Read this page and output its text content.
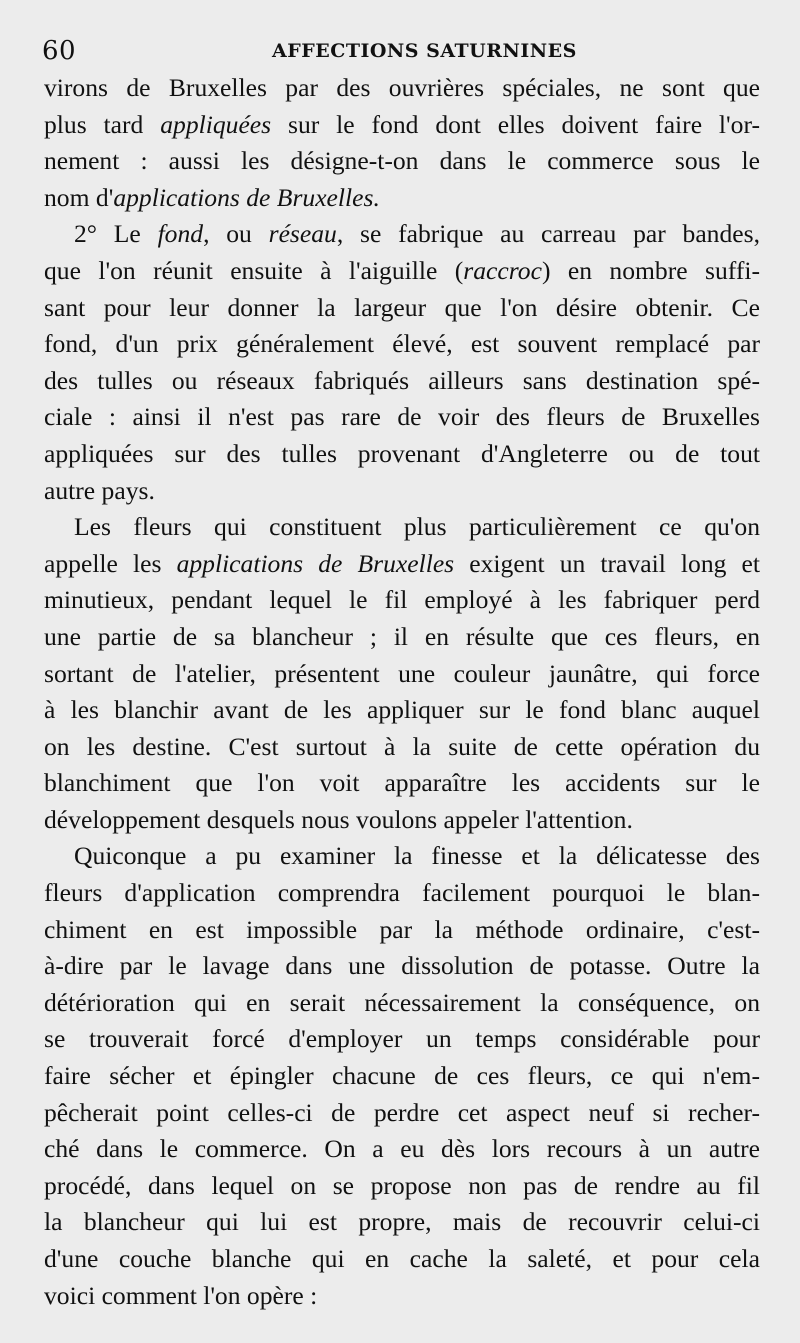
60	AFFECTIONS SATURNINES
virons de Bruxelles par des ouvrières spéciales, ne sont que
plus tard appliquées sur le fond dont elles doivent faire l'or-
nement : aussi les désigne-t-on dans le commerce sous le
nom d'applications de Bruxelles.
2° Le fond, ou réseau, se fabrique au carreau par bandes,
que l'on réunit ensuite à l'aiguille (raccroc) en nombre suffi-
sant pour leur donner la largeur que l'on désire obtenir. Ce
fond, d'un prix généralement élevé, est souvent remplacé par
des tulles ou réseaux fabriqués ailleurs sans destination spé-
ciale : ainsi il n'est pas rare de voir des fleurs de Bruxelles
appliquées sur des tulles provenant d'Angleterre ou de tout
autre pays.
Les fleurs qui constituent plus particulièrement ce qu'on
appelle les applications de Bruxelles exigent un travail long et
minutieux, pendant lequel le fil employé à les fabriquer perd
une partie de sa blancheur ; il en résulte que ces fleurs, en
sortant de l'atelier, présentent une couleur jaunâtre, qui force
à les blanchir avant de les appliquer sur le fond blanc auquel
on les destine. C'est surtout à la suite de cette opération du
blanchiment que l'on voit apparaître les accidents sur le
développement desquels nous voulons appeler l'attention.
Quiconque a pu examiner la finesse et la délicatesse des
fleurs d'application comprendra facilement pourquoi le blan-
chiment en est impossible par la méthode ordinaire, c'est-
à-dire par le lavage dans une dissolution de potasse. Outre la
détérioration qui en serait nécessairement la conséquence, on
se trouverait forcé d'employer un temps considérable pour
faire sécher et épingler chacune de ces fleurs, ce qui n'em-
pêcherait point celles-ci de perdre cet aspect neuf si recher-
ché dans le commerce. On a eu dès lors recours à un autre
procédé, dans lequel on se propose non pas de rendre au fil
la blancheur qui lui est propre, mais de recouvrir celui-ci
d'une couche blanche qui en cache la saleté, et pour cela
voici comment l'on opère :
